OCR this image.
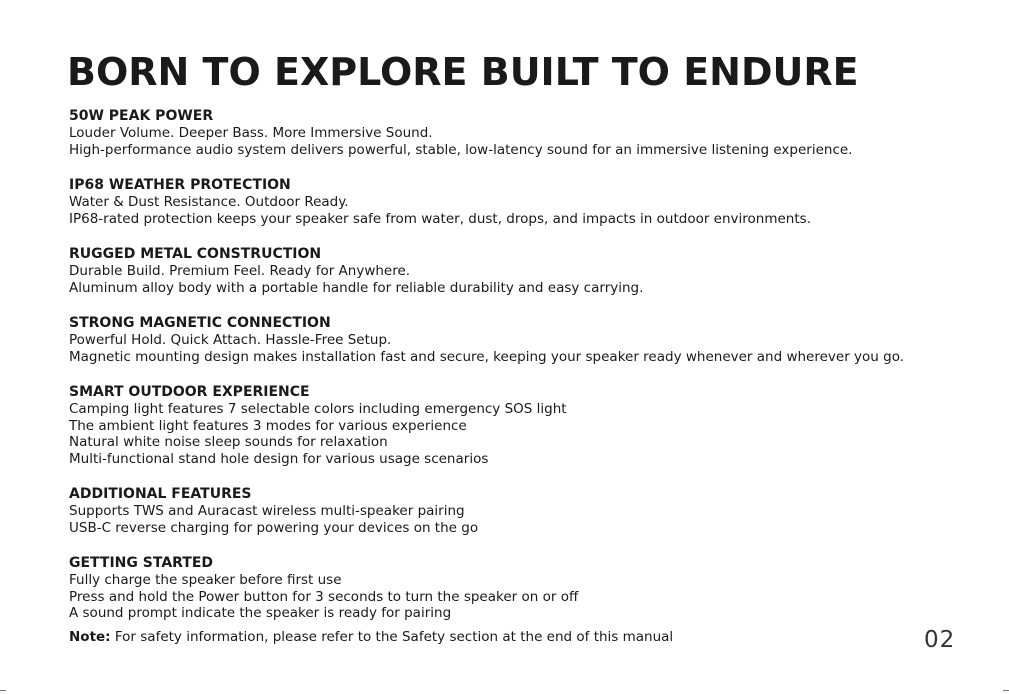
BORN TO EXPLORE BUILT TO ENDURE

50W PEAK POWER

Louder Volume. Deeper Bass. More Immersive Sound.

High-performance audio system delivers powerful, stable, low-latency sound for an immersive listening experience.

IP68 WEATHER PROTECTION

Water & Dust Resistance. Outdoor Ready.

IP68-rated protection keeps your speaker safe from water, dust, drops, and impacts in outdoor environments.

RUGGED METAL CONSTRUCTION

Durable Build. Premium Feel. Ready for Anywhere.

Aluminum alloy body with a portable handle for reliable durability and easy carrying.

STRONG MAGNETIC CONNECTION

Powerful Hold. Quick Attach. Hassle-Free Setup.

Magnetic mounting design makes installation fast and secure, keeping your speaker ready whenever and wherever you go.

SMART OUTDOOR EXPERIENCE

Camping light features 7 selectable colors including emergency SOS light

The ambient light features 3 modes for various experience

Natural white noise sleep sounds for relaxation

Multi-functional stand hole design for various usage scenarios

ADDITIONAL FEATURES

Supports TWS and Auracast wireless multi-speaker pairing

USB-C reverse charging for powering your devices on the go

GETTING STARTED

Fully charge the speaker before first use

Press and hold the Power button for 3 seconds to turn the speaker on or off

A sound prompt indicate the speaker is ready for pairing

Note: For safety information, please refer to the Safety section at the end of this manual	02
